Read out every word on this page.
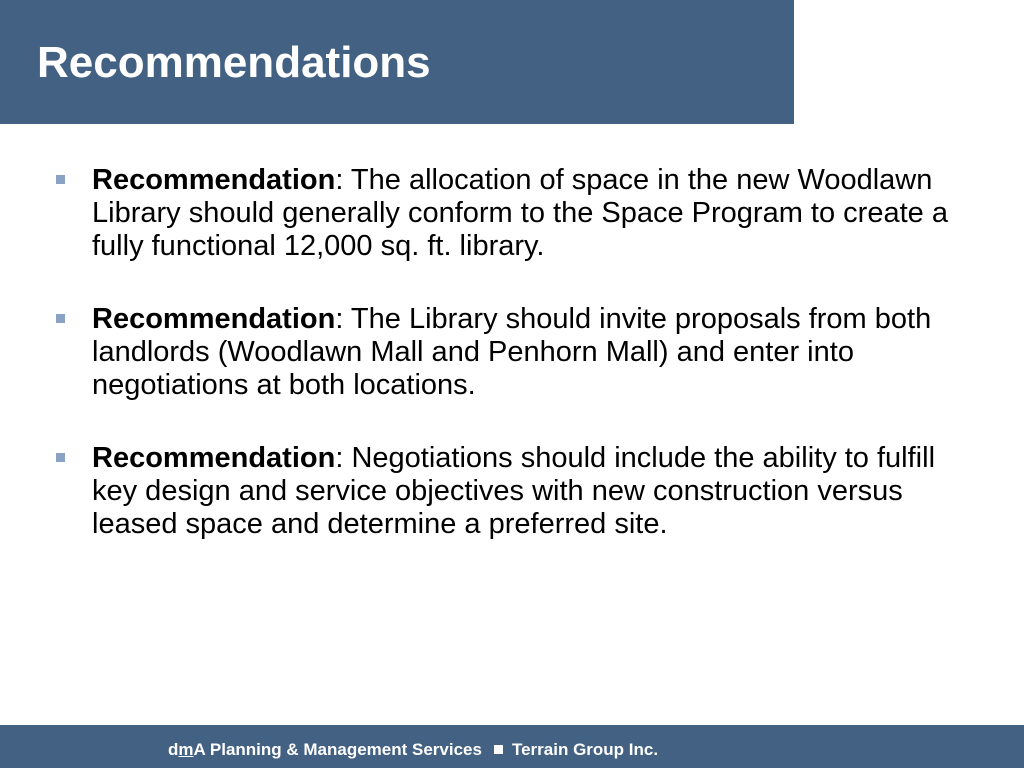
Recommendations
Recommendation: The allocation of space in the new Woodlawn Library should generally conform to the Space Program to create a fully functional 12,000 sq. ft. library.
Recommendation: The Library should invite proposals from both landlords (Woodlawn Mall and Penhorn Mall) and enter into negotiations at both locations.
Recommendation: Negotiations should include the ability to fulfill key design and service objectives with new construction versus leased space and determine a preferred site.
dmA Planning & Management Services Terrain Group Inc.
